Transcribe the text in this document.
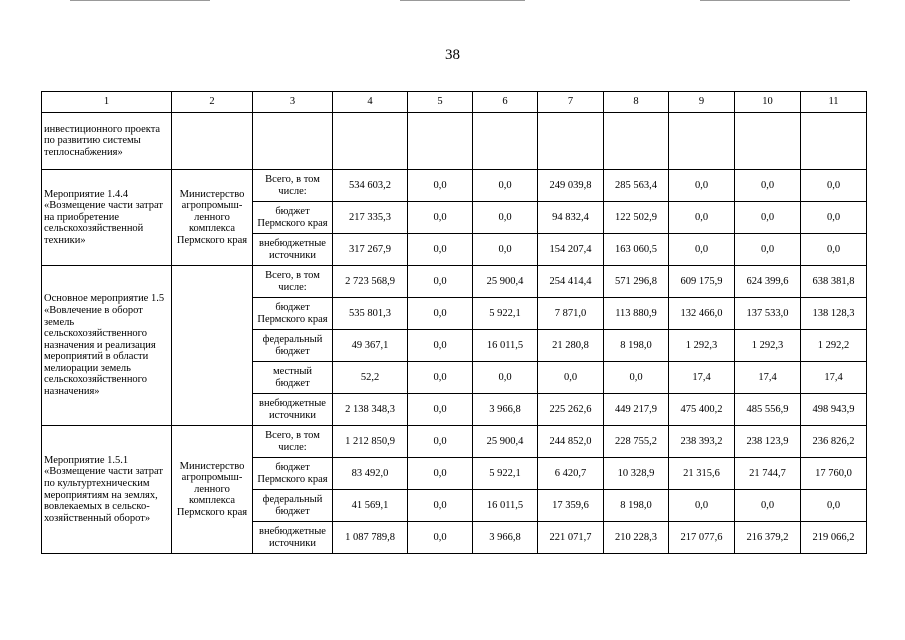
38
1	2	3	4	5	6	7	8	9	10	11
инвестиционного проекта по развитию системы теплоснабжения»										
Мероприятие 1.4.4 «Возмещение части затрат на приобретение сельскохозяйственной техники»	Министерство агропромыш-ленного комплекса Пермского края	Всего, в том числе:	534 603,2	0,0	0,0	249 039,8	285 563,4	0,0	0,0	0,0
		бюджет Пермского края	217 335,3	0,0	0,0	94 832,4	122 502,9	0,0	0,0	0,0
		внебюджетные источники	317 267,9	0,0	0,0	154 207,4	163 060,5	0,0	0,0	0,0
Основное мероприятие 1.5 «Вовлечение в оборот земель сельскохозяйственного назначения и реализация мероприятий в области мелиорации земель сельскохозяйственного назначения»		Всего, в том числе:	2 723 568,9	0,0	25 900,4	254 414,4	571 296,8	609 175,9	624 399,6	638 381,8
		бюджет Пермского края	535 801,3	0,0	5 922,1	7 871,0	113 880,9	132 466,0	137 533,0	138 128,3
		федеральный бюджет	49 367,1	0,0	16 011,5	21 280,8	8 198,0	1 292,3	1 292,3	1 292,2
		местный бюджет	52,2	0,0	0,0	0,0	0,0	17,4	17,4	17,4
		внебюджетные источники	2 138 348,3	0,0	3 966,8	225 262,6	449 217,9	475 400,2	485 556,9	498 943,9
Мероприятие 1.5.1 «Возмещение части затрат по культуртехническим мероприятиям на землях, вовлекаемых в сельско-хозяйственный оборот»	Министерство агропромыш-ленного комплекса Пермского края	Всего, в том числе:	1 212 850,9	0,0	25 900,4	244 852,0	228 755,2	238 393,2	238 123,9	236 826,2
		бюджет Пермского края	83 492,0	0,0	5 922,1	6 420,7	10 328,9	21 315,6	21 744,7	17 760,0
		федеральный бюджет	41 569,1	0,0	16 011,5	17 359,6	8 198,0	0,0	0,0	0,0
		внебюджетные источники	1 087 789,8	0,0	3 966,8	221 071,7	210 228,3	217 077,6	216 379,2	219 066,2
